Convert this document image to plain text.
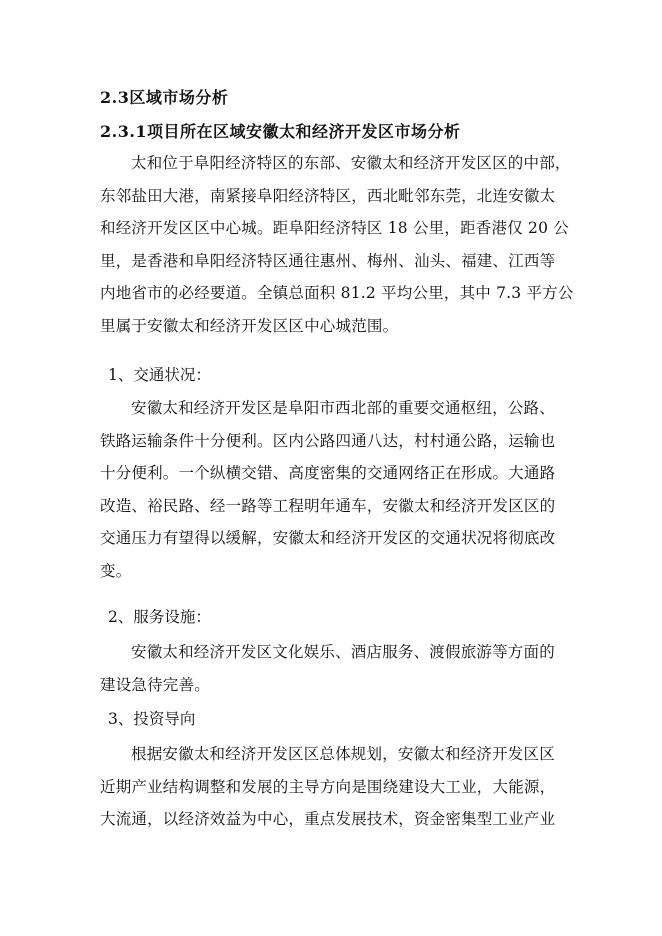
2.3区域市场分析
2.3.1项目所在区域安徽太和经济开发区市场分析
太和位于阜阳经济特区的东部、安徽太和经济开发区区的中部，
东邻盐田大港，南紧接阜阳经济特区，西北毗邻东莞，北连安徽太
和经济开发区区中心城。距阜阳经济特区 18 公里，距香港仅 20 公
里，是香港和阜阳经济特区通往惠州、梅州、汕头、福建、江西等
内地省市的必经要道。全镇总面积 81.2 平均公里，其中 7.3 平方公
里属于安徽太和经济开发区区中心城范围。
1、交通状况：
安徽太和经济开发区是阜阳市西北部的重要交通枢纽，公路、
铁路运输条件十分便利。区内公路四通八达，村村通公路，运输也
十分便利。一个纵横交错、高度密集的交通网络正在形成。大通路
改造、裕民路、经一路等工程明年通车，安徽太和经济开发区区的
交通压力有望得以缓解，安徽太和经济开发区的交通状况将彻底改
变。
2、服务设施：
安徽太和经济开发区文化娱乐、酒店服务、渡假旅游等方面的
建设急待完善。
3、投资导向
根据安徽太和经济开发区区总体规划，安徽太和经济开发区区
近期产业结构调整和发展的主导方向是围绕建设大工业，大能源，
大流通，以经济效益为中心，重点发展技术，资金密集型工业产业
